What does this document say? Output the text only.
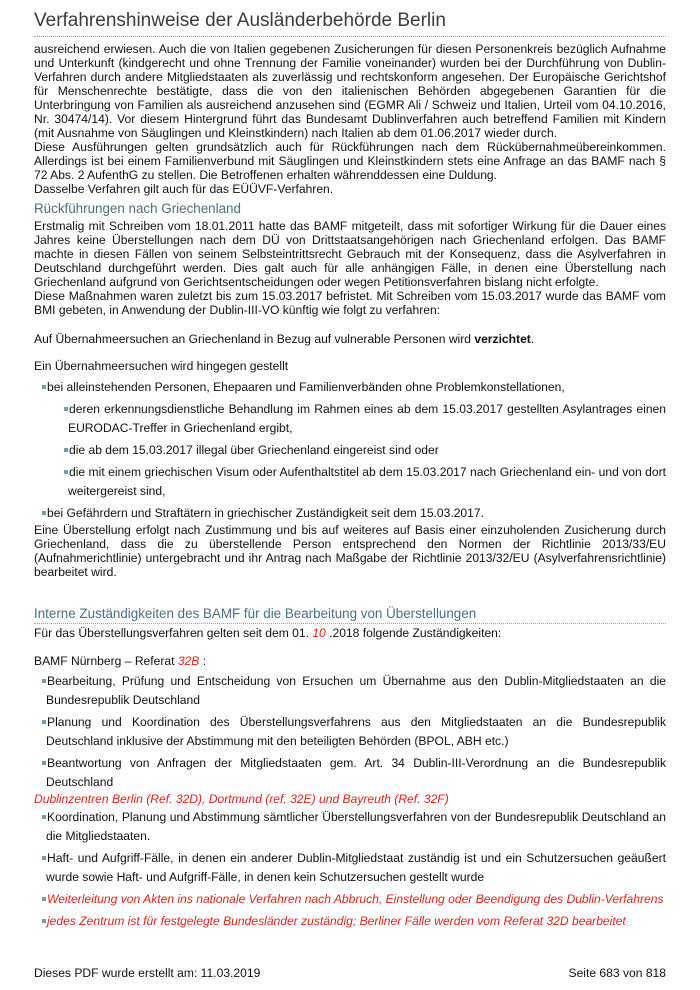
Verfahrenshinweise der Ausländerbehörde Berlin

ausreichend erwiesen. Auch die von Italien gegebenen Zusicherungen für diesen Personenkreis bezüglich Aufnahme und Unterkunft (kindgerecht und ohne Trennung der Familie voneinander) wurden bei der Durchführung von Dublin-Verfahren durch andere Mitgliedstaaten als zuverlässig und rechtskonform angesehen. Der Europäische Gerichtshof für Menschenrechte bestätigte, dass die von den italienischen Behörden abgegebenen Garantien für die Unterbringung von Familien als ausreichend anzusehen sind (EGMR Ali / Schweiz und Italien, Urteil vom 04.10.2016, Nr. 30474/14). Vor diesem Hintergrund führt das Bundesamt Dublinverfahren auch betreffend Familien mit Kindern (mit Ausnahme von Säuglingen und Kleinstkindern) nach Italien ab dem 01.06.2017 wieder durch.

Diese Ausführungen gelten grundsätzlich auch für Rückführungen nach dem Rückübernahmeübereinkommen. Allerdings ist bei einem Familienverbund mit Säuglingen und Kleinstkindern stets eine Anfrage an das BAMF nach § 72 Abs. 2 AufenthG zu stellen. Die Betroffenen erhalten währenddessen eine Duldung.

Dasselbe Verfahren gilt auch für das EÜÜVF-Verfahren.

Rückführungen nach Griechenland

Erstmalig mit Schreiben vom 18.01.2011 hatte das BAMF mitgeteilt, dass mit sofortiger Wirkung für die Dauer eines Jahres keine Überstellungen nach dem DÜ von Drittstaatsangehörigen nach Griechenland erfolgen. Das BAMF machte in diesen Fällen von seinem Selbsteintrittsrecht Gebrauch mit der Konsequenz, dass die Asylverfahren in Deutschland durchgeführt werden. Dies galt auch für alle anhängigen Fälle, in denen eine Überstellung nach Griechenland aufgrund von Gerichtsentscheidungen oder wegen Petitionsverfahren bislang nicht erfolgte.

Diese Maßnahmen waren zuletzt bis zum 15.03.2017 befristet. Mit Schreiben vom 15.03.2017 wurde das BAMF vom BMI gebeten, in Anwendung der Dublin-III-VO künftig wie folgt zu verfahren:

Auf Übernahmeersuchen an Griechenland in Bezug auf vulnerable Personen wird verzichtet.

Ein Übernahmeersuchen wird hingegen gestellt

bei alleinstehenden Personen, Ehepaaren und Familienverbänden ohne Problemkonstellationen,
deren erkennungsdienstliche Behandlung im Rahmen eines ab dem 15.03.2017 gestellten Asylantrages einen EURODAC-Treffer in Griechenland ergibt,
die ab dem 15.03.2017 illegal über Griechenland eingereist sind oder
die mit einem griechischen Visum oder Aufenthaltstitel ab dem 15.03.2017 nach Griechenland ein- und von dort weitergereist sind,
bei Gefährdern und Straftätern in griechischer Zuständigkeit seit dem 15.03.2017.

Eine Überstellung erfolgt nach Zustimmung und bis auf weiteres auf Basis einer einzuholenden Zusicherung durch Griechenland, dass die zu überstellende Person entsprechend den Normen der Richtlinie 2013/33/EU (Aufnahmerichtlinie) untergebracht und ihr Antrag nach Maßgabe der Richtlinie 2013/32/EU (Asylverfahrensrichtlinie) bearbeitet wird.

Interne Zuständigkeiten des BAMF für die Bearbeitung von Überstellungen

Für das Überstellungsverfahren gelten seit dem 01. 10 .2018 folgende Zuständigkeiten:

BAMF Nürnberg – Referat 32B :

Bearbeitung, Prüfung und Entscheidung von Ersuchen um Übernahme aus den Dublin-Mitgliedstaaten an die Bundesrepublik Deutschland
Planung und Koordination des Überstellungsverfahrens aus den Mitgliedstaaten an die Bundesrepublik Deutschland inklusive der Abstimmung mit den beteiligten Behörden (BPOL, ABH etc.)
Beantwortung von Anfragen der Mitgliedstaaten gem. Art. 34 Dublin-III-Verordnung an die Bundesrepublik Deutschland

Dublinzentren Berlin (Ref. 32D), Dortmund (ref. 32E) und Bayreuth (Ref. 32F)

Koordination, Planung und Abstimmung sämtlicher Überstellungsverfahren von der Bundesrepublik Deutschland an die Mitgliedstaaten.
Haft- und Aufgriff-Fälle, in denen ein anderer Dublin-Mitgliedstaat zuständig ist und ein Schutzersuchen geäußert wurde sowie Haft- und Aufgriff-Fälle, in denen kein Schutzersuchen gestellt wurde
Weiterleitung von Akten ins nationale Verfahren nach Abbruch, Einstellung oder Beendigung des Dublin-Verfahrens
jedes Zentrum ist für festgelegte Bundesländer zuständig; Berliner Fälle werden vom Referat 32D bearbeitet
Dieses PDF wurde erstellt am: 11.03.2019	Seite 683 von 818
